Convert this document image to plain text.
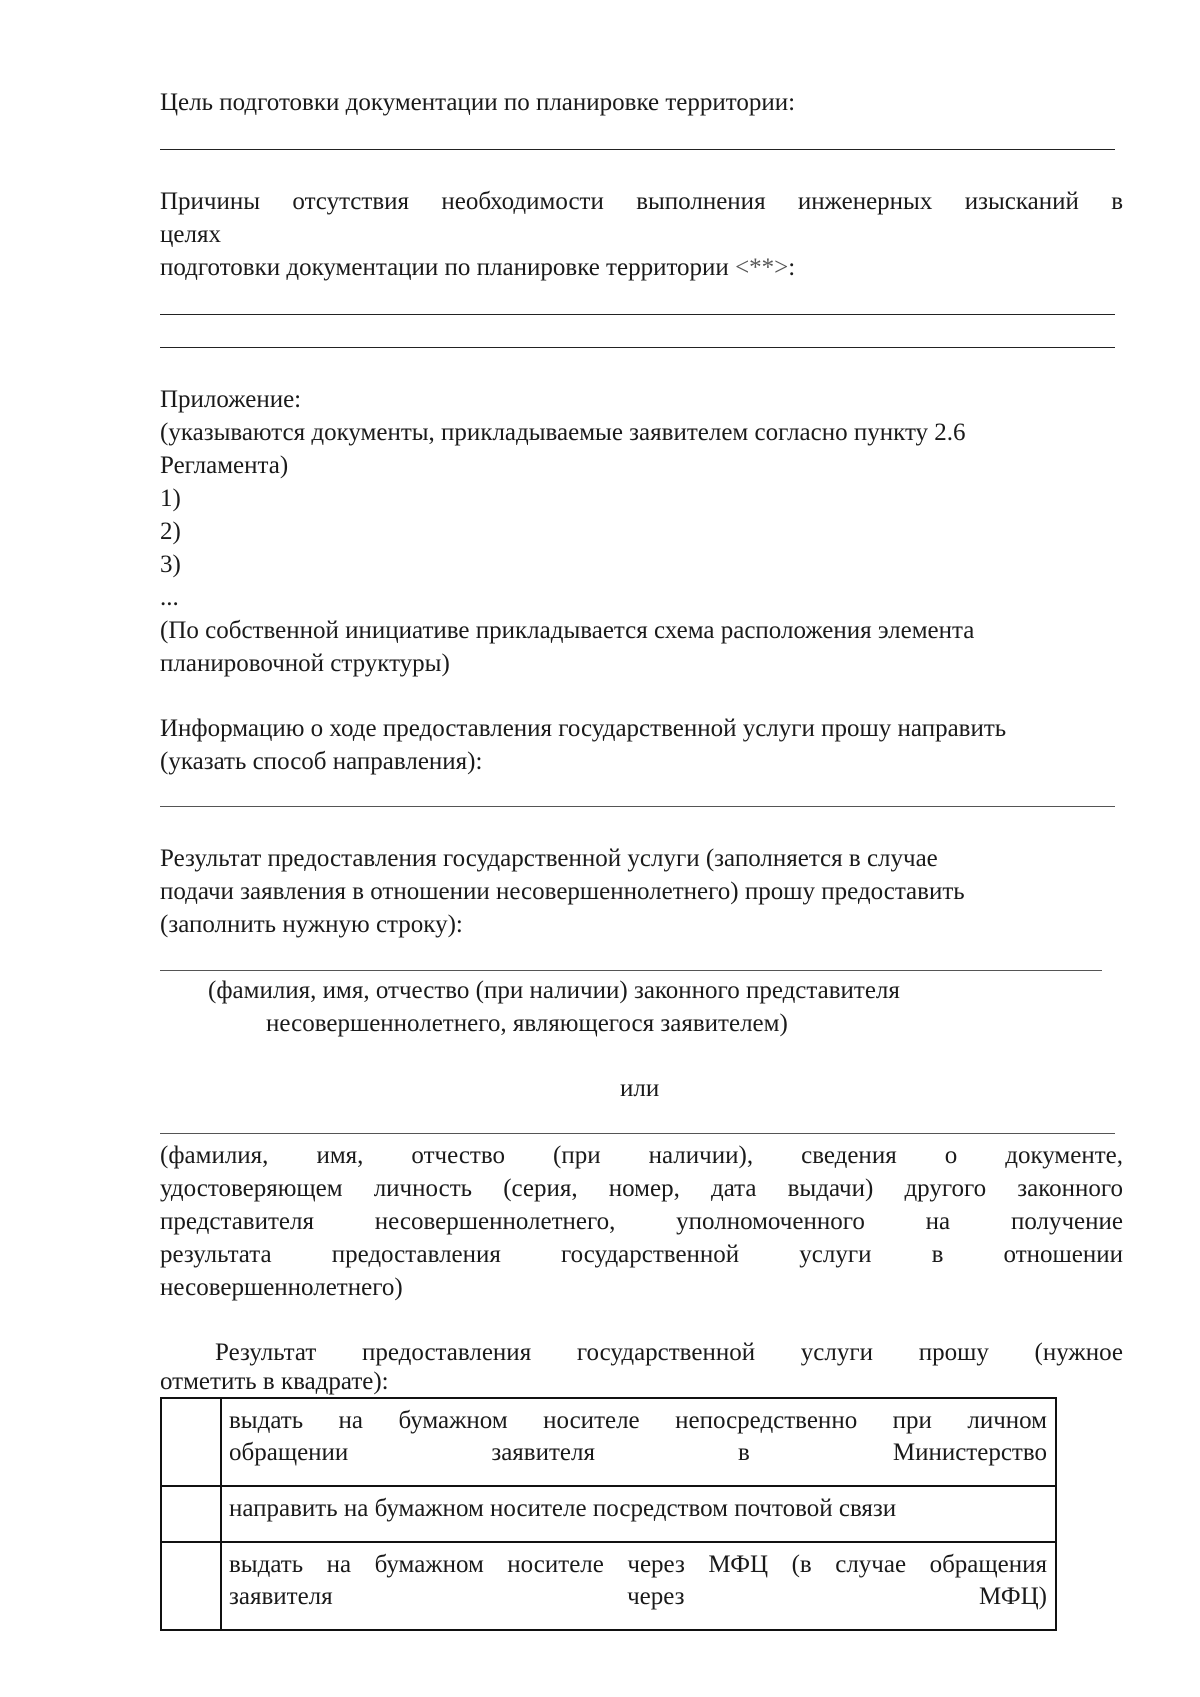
Цель подготовки документации по планировке территории:

Причины отсутствия необходимости выполнения инженерных изысканий в

целях

подготовки документации по планировке территории <**>:

Приложение:

(указываются документы, прикладываемые заявителем согласно пункту 2.6

Регламента)

1)

2)

3)

...

(По собственной инициативе прикладывается схема расположения элемента

планировочной структуры)

Информацию о ходе предоставления государственной услуги прошу направить

(указать способ направления):

Результат предоставления государственной услуги (заполняется в случае

подачи заявления в отношении несовершеннолетнего) прошу предоставить

(заполнить нужную строку):

(фамилия, имя, отчество (при наличии) законного представителя

несовершеннолетнего, являющегося заявителем)

или

(фамилия, имя, отчество (при наличии), сведения о документе,

удостоверяющем личность (серия, номер, дата выдачи) другого законного

представителя несовершеннолетнего, уполномоченного на получение

результата предоставления государственной услуги в отношении

несовершеннолетнего)

Результат предоставления государственной услуги прошу (нужное

отметить в квадрате):

	выдать на бумажном носителе непосредственно при личном
обращении заявителя в Министерство

	направить на бумажном носителе посредством почтовой связи

	выдать на бумажном носителе через МФЦ (в случае обращения
заявителя через МФЦ)
